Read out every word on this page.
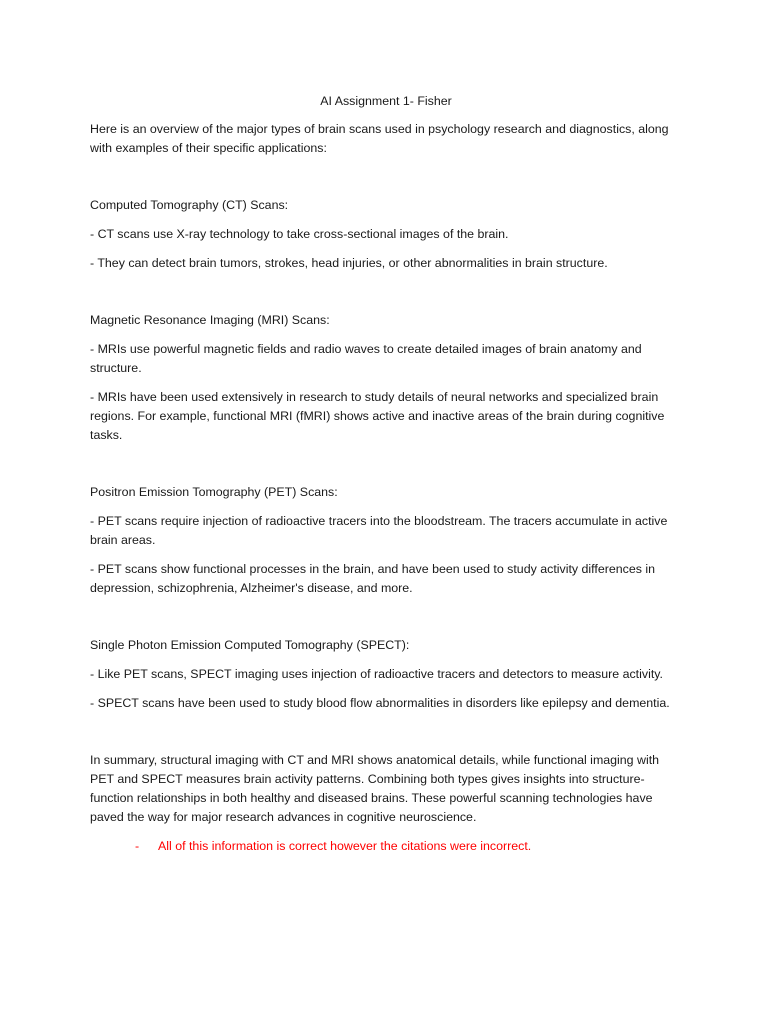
AI Assignment 1- Fisher

Here is an overview of the major types of brain scans used in psychology research and diagnostics, along with examples of their specific applications:

Computed Tomography (CT) Scans:

- CT scans use X-ray technology to take cross-sectional images of the brain.

- They can detect brain tumors, strokes, head injuries, or other abnormalities in brain structure.

Magnetic Resonance Imaging (MRI) Scans:

- MRIs use powerful magnetic fields and radio waves to create detailed images of brain anatomy and structure.

- MRIs have been used extensively in research to study details of neural networks and specialized brain regions. For example, functional MRI (fMRI) shows active and inactive areas of the brain during cognitive tasks.

Positron Emission Tomography (PET) Scans:

- PET scans require injection of radioactive tracers into the bloodstream. The tracers accumulate in active brain areas.

- PET scans show functional processes in the brain, and have been used to study activity differences in depression, schizophrenia, Alzheimer's disease, and more.

Single Photon Emission Computed Tomography (SPECT):

- Like PET scans, SPECT imaging uses injection of radioactive tracers and detectors to measure activity.

- SPECT scans have been used to study blood flow abnormalities in disorders like epilepsy and dementia.

In summary, structural imaging with CT and MRI shows anatomical details, while functional imaging with PET and SPECT measures brain activity patterns. Combining both types gives insights into structure-function relationships in both healthy and diseased brains. These powerful scanning technologies have paved the way for major research advances in cognitive neuroscience.

-	All of this information is correct however the citations were incorrect.
